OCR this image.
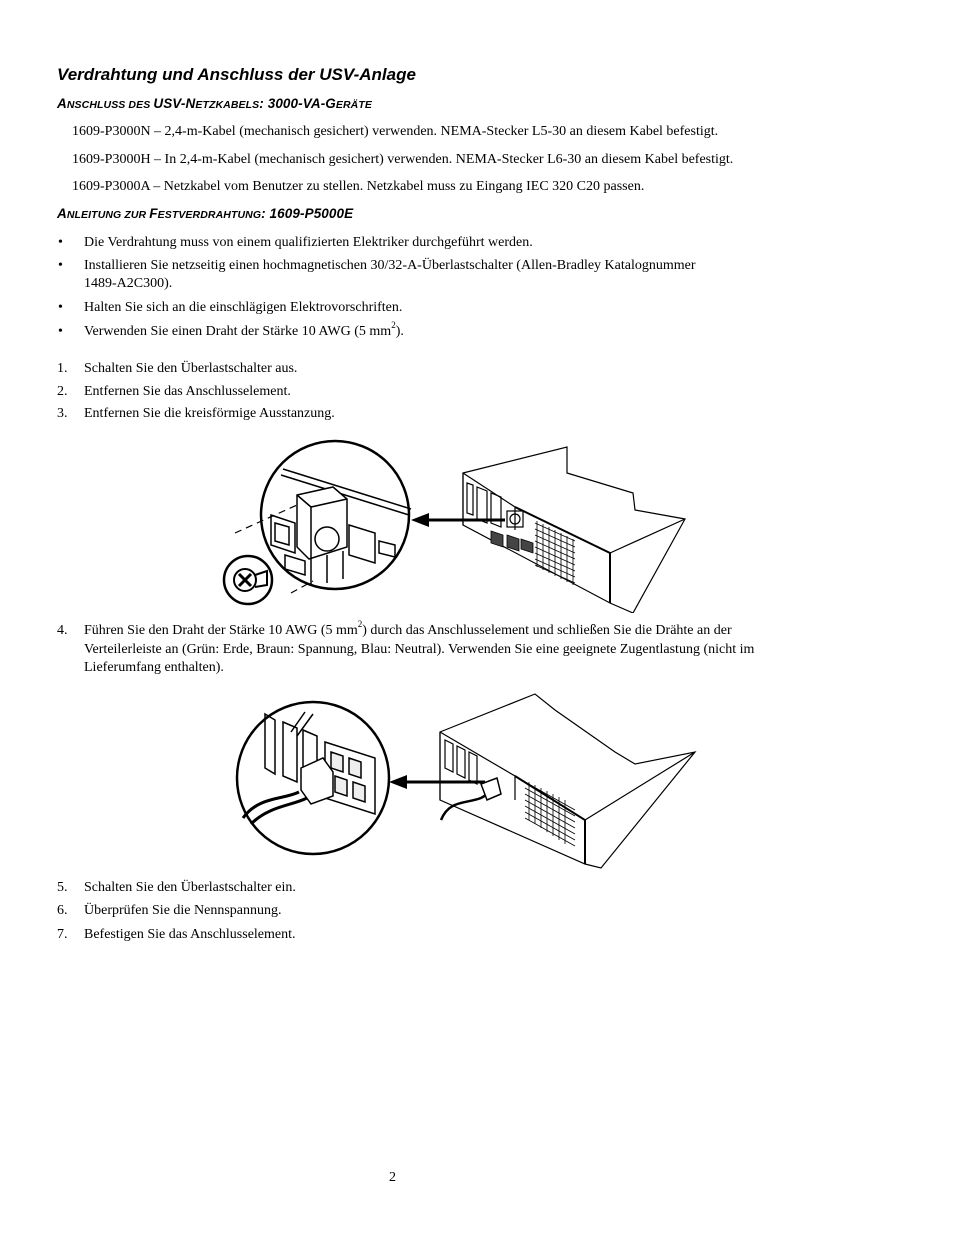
Verdrahtung und Anschluss der USV-Anlage
ANSCHLUSS DES USV-NETZKABELS: 3000-VA-GERÄTE
1609-P3000N – 2,4-m-Kabel (mechanisch gesichert) verwenden. NEMA-Stecker L5-30 an diesem Kabel befestigt.
1609-P3000H – In 2,4-m-Kabel (mechanisch gesichert) verwenden. NEMA-Stecker L6-30 an diesem Kabel befestigt.
1609-P3000A – Netzkabel vom Benutzer zu stellen. Netzkabel muss zu Eingang IEC 320 C20 passen.
ANLEITUNG ZUR FESTVERDRAHTUNG: 1609-P5000E
• Die Verdrahtung muss von einem qualifizierten Elektriker durchgeführt werden.
• Installieren Sie netzseitig einen hochmagnetischen 30/32-A-Überlastschalter (Allen-Bradley Katalognummer
1489-A2C300).
• Halten Sie sich an die einschlägigen Elektrovorschriften.
• Verwenden Sie einen Draht der Stärke 10 AWG (5 $mm^2$).
1. Schalten Sie den Überlastschalter aus.
2. Entfernen Sie das Anschlusselement.
3. Entfernen Sie die kreisförmige Ausstanzung.
4. Führen Sie den Draht der Stärke 10 AWG (5 $mm^2$) durch das Anschlusselement und schließen Sie die Drähte an der
Verteilerleiste an (Grün: Erde, Braun: Spannung, Blau: Neutral). Verwenden Sie eine geeignete Zugentlastung (nicht im
Lieferumfang enthalten).
5. Schalten Sie den Überlastschalter ein.
6. Überprüfen Sie die Nennspannung.
7. Befestigen Sie das Anschlusselement.
2
